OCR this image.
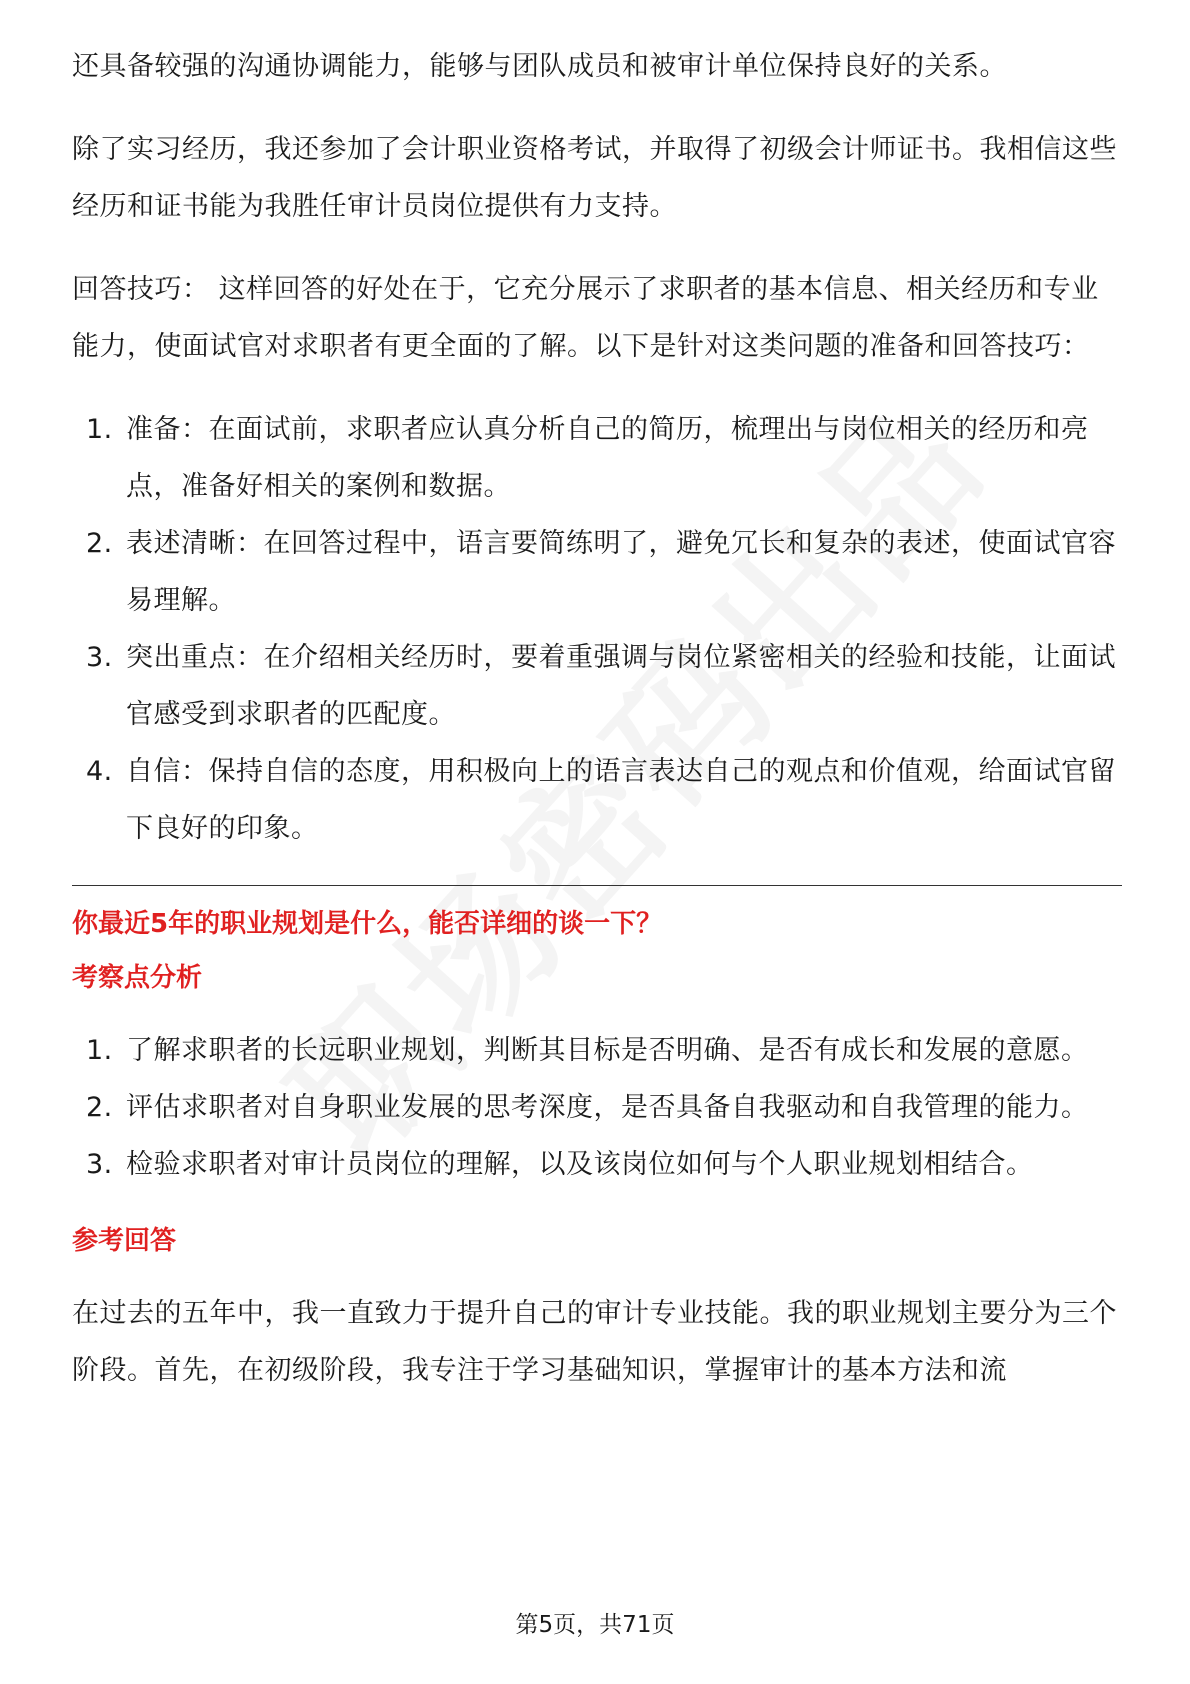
还具备较强的沟通协调能力，能够与团队成员和被审计单位保持良好的关系。

除了实习经历，我还参加了会计职业资格考试，并取得了初级会计师证书。我相信这些经历和证书能为我胜任审计员岗位提供有力支持。

回答技巧： 这样回答的好处在于，它充分展示了求职者的基本信息、相关经历和专业能力，使面试官对求职者有更全面的了解。以下是针对这类问题的准备和回答技巧：

1. 准备：在面试前，求职者应认真分析自己的简历，梳理出与岗位相关的经历和亮点，准备好相关的案例和数据。
2. 表述清晰：在回答过程中，语言要简练明了，避免冗长和复杂的表述，使面试官容易理解。
3. 突出重点：在介绍相关经历时，要着重强调与岗位紧密相关的经验和技能，让面试官感受到求职者的匹配度。
4. 自信：保持自信的态度，用积极向上的语言表达自己的观点和价值观，给面试官留下良好的印象。
你最近5年的职业规划是什么，能否详细的谈一下？
考察点分析
1. 了解求职者的长远职业规划，判断其目标是否明确、是否有成长和发展的意愿。
2. 评估求职者对自身职业发展的思考深度，是否具备自我驱动和自我管理的能力。
3. 检验求职者对审计员岗位的理解，以及该岗位如何与个人职业规划相结合。
参考回答

在过去的五年中，我一直致力于提升自己的审计专业技能。我的职业规划主要分为三个阶段。首先，在初级阶段，我专注于学习基础知识，掌握审计的基本方法和流

第5页，共71页
